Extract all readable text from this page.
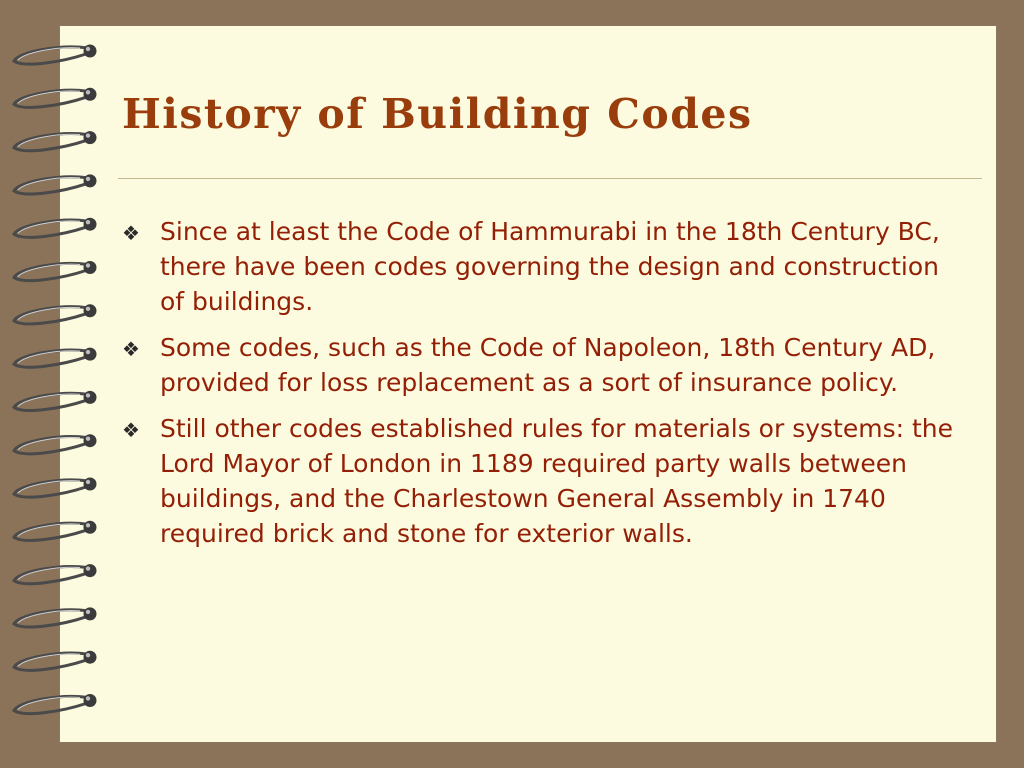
History of Building Codes
❖ Since at least the Code of Hammurabi in the 18th Century BC, there have been codes governing the design and construction of buildings.
❖ Some codes, such as the Code of Napoleon, 18th Century AD, provided for loss replacement as a sort of insurance policy.
❖ Still other codes established rules for materials or systems: the Lord Mayor of London in 1189 required party walls between buildings, and the Charlestown General Assembly in 1740 required brick and stone for exterior walls.
